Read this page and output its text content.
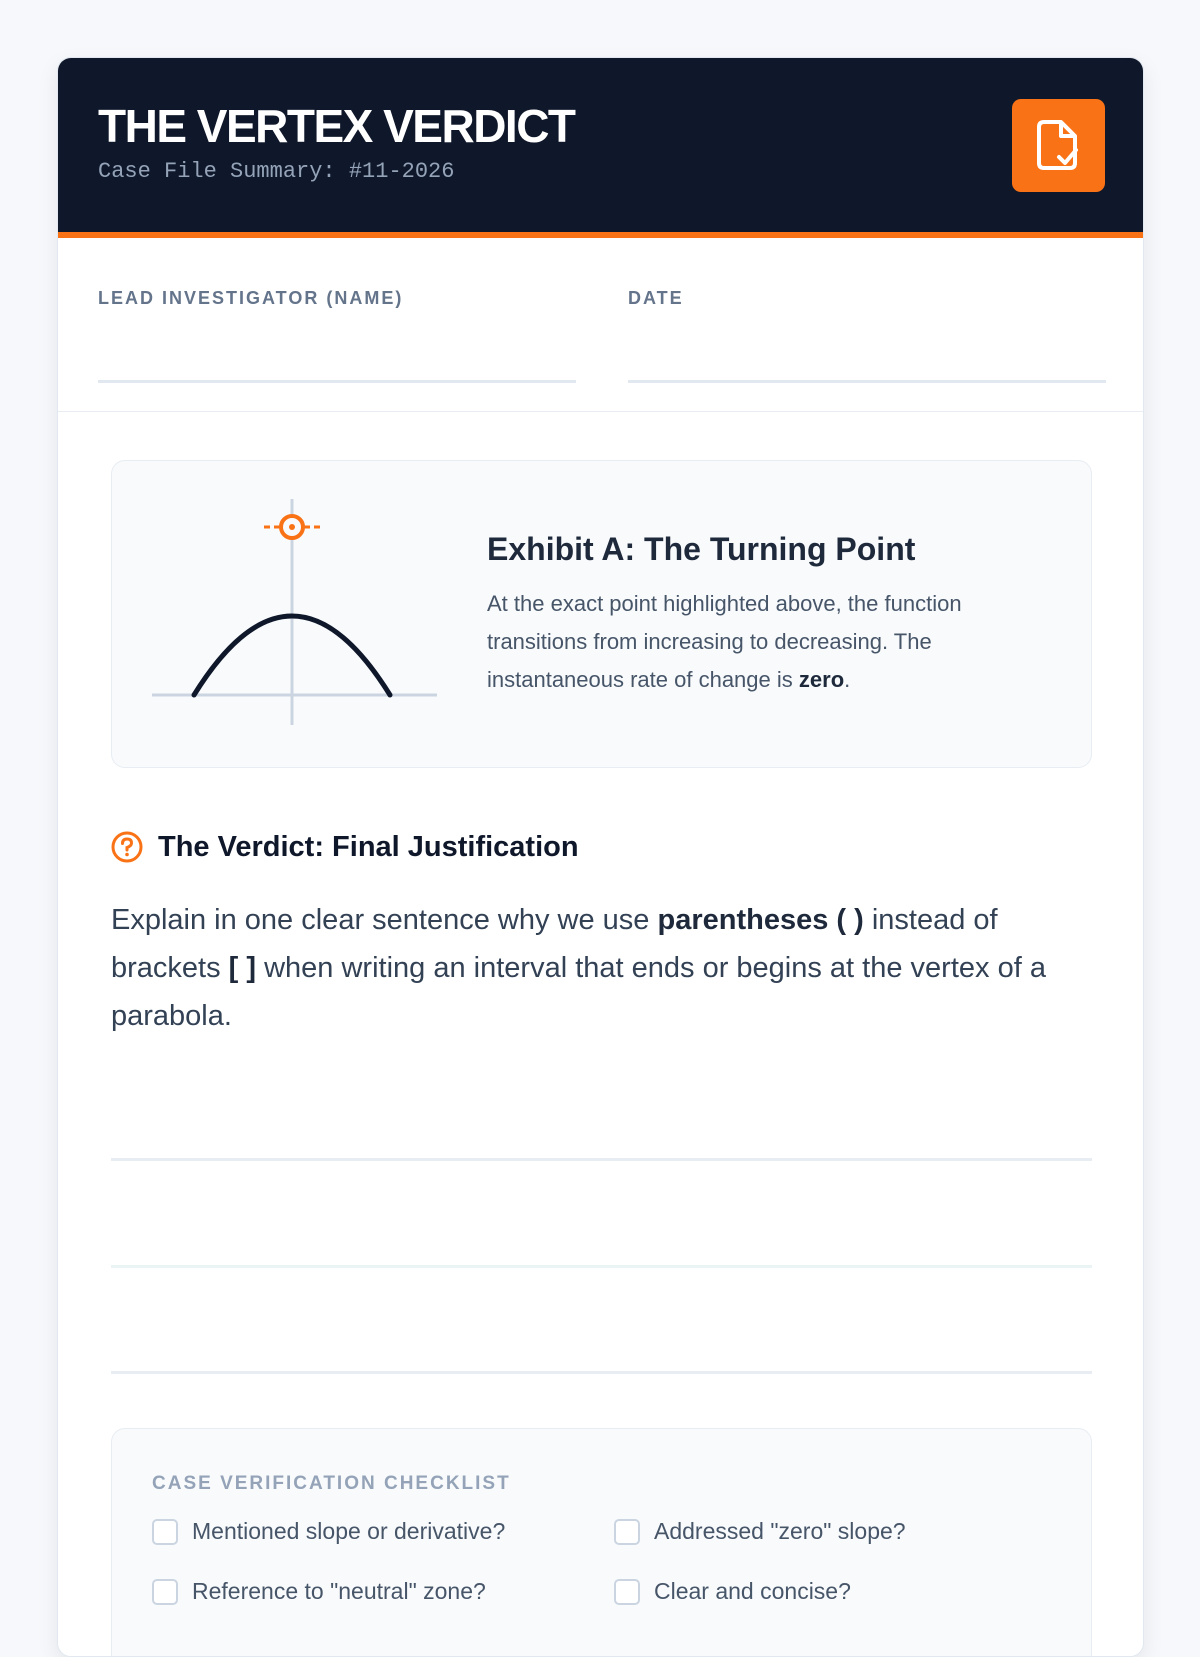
THE VERTEX VERDICT
Case File Summary: #11-2026
LEAD INVESTIGATOR (NAME)	DATE
Exhibit A: The Turning Point

At the exact point highlighted above, the function transitions from increasing to decreasing. The instantaneous rate of change is zero.

The Verdict: Final Justification

Explain in one clear sentence why we use parentheses ( ) instead of brackets [ ] when writing an interval that ends or begins at the vertex of a parabola.

CASE VERIFICATION CHECKLIST
Mentioned slope or derivative?	Addressed "zero" slope?
Reference to "neutral" zone?	Clear and concise?
